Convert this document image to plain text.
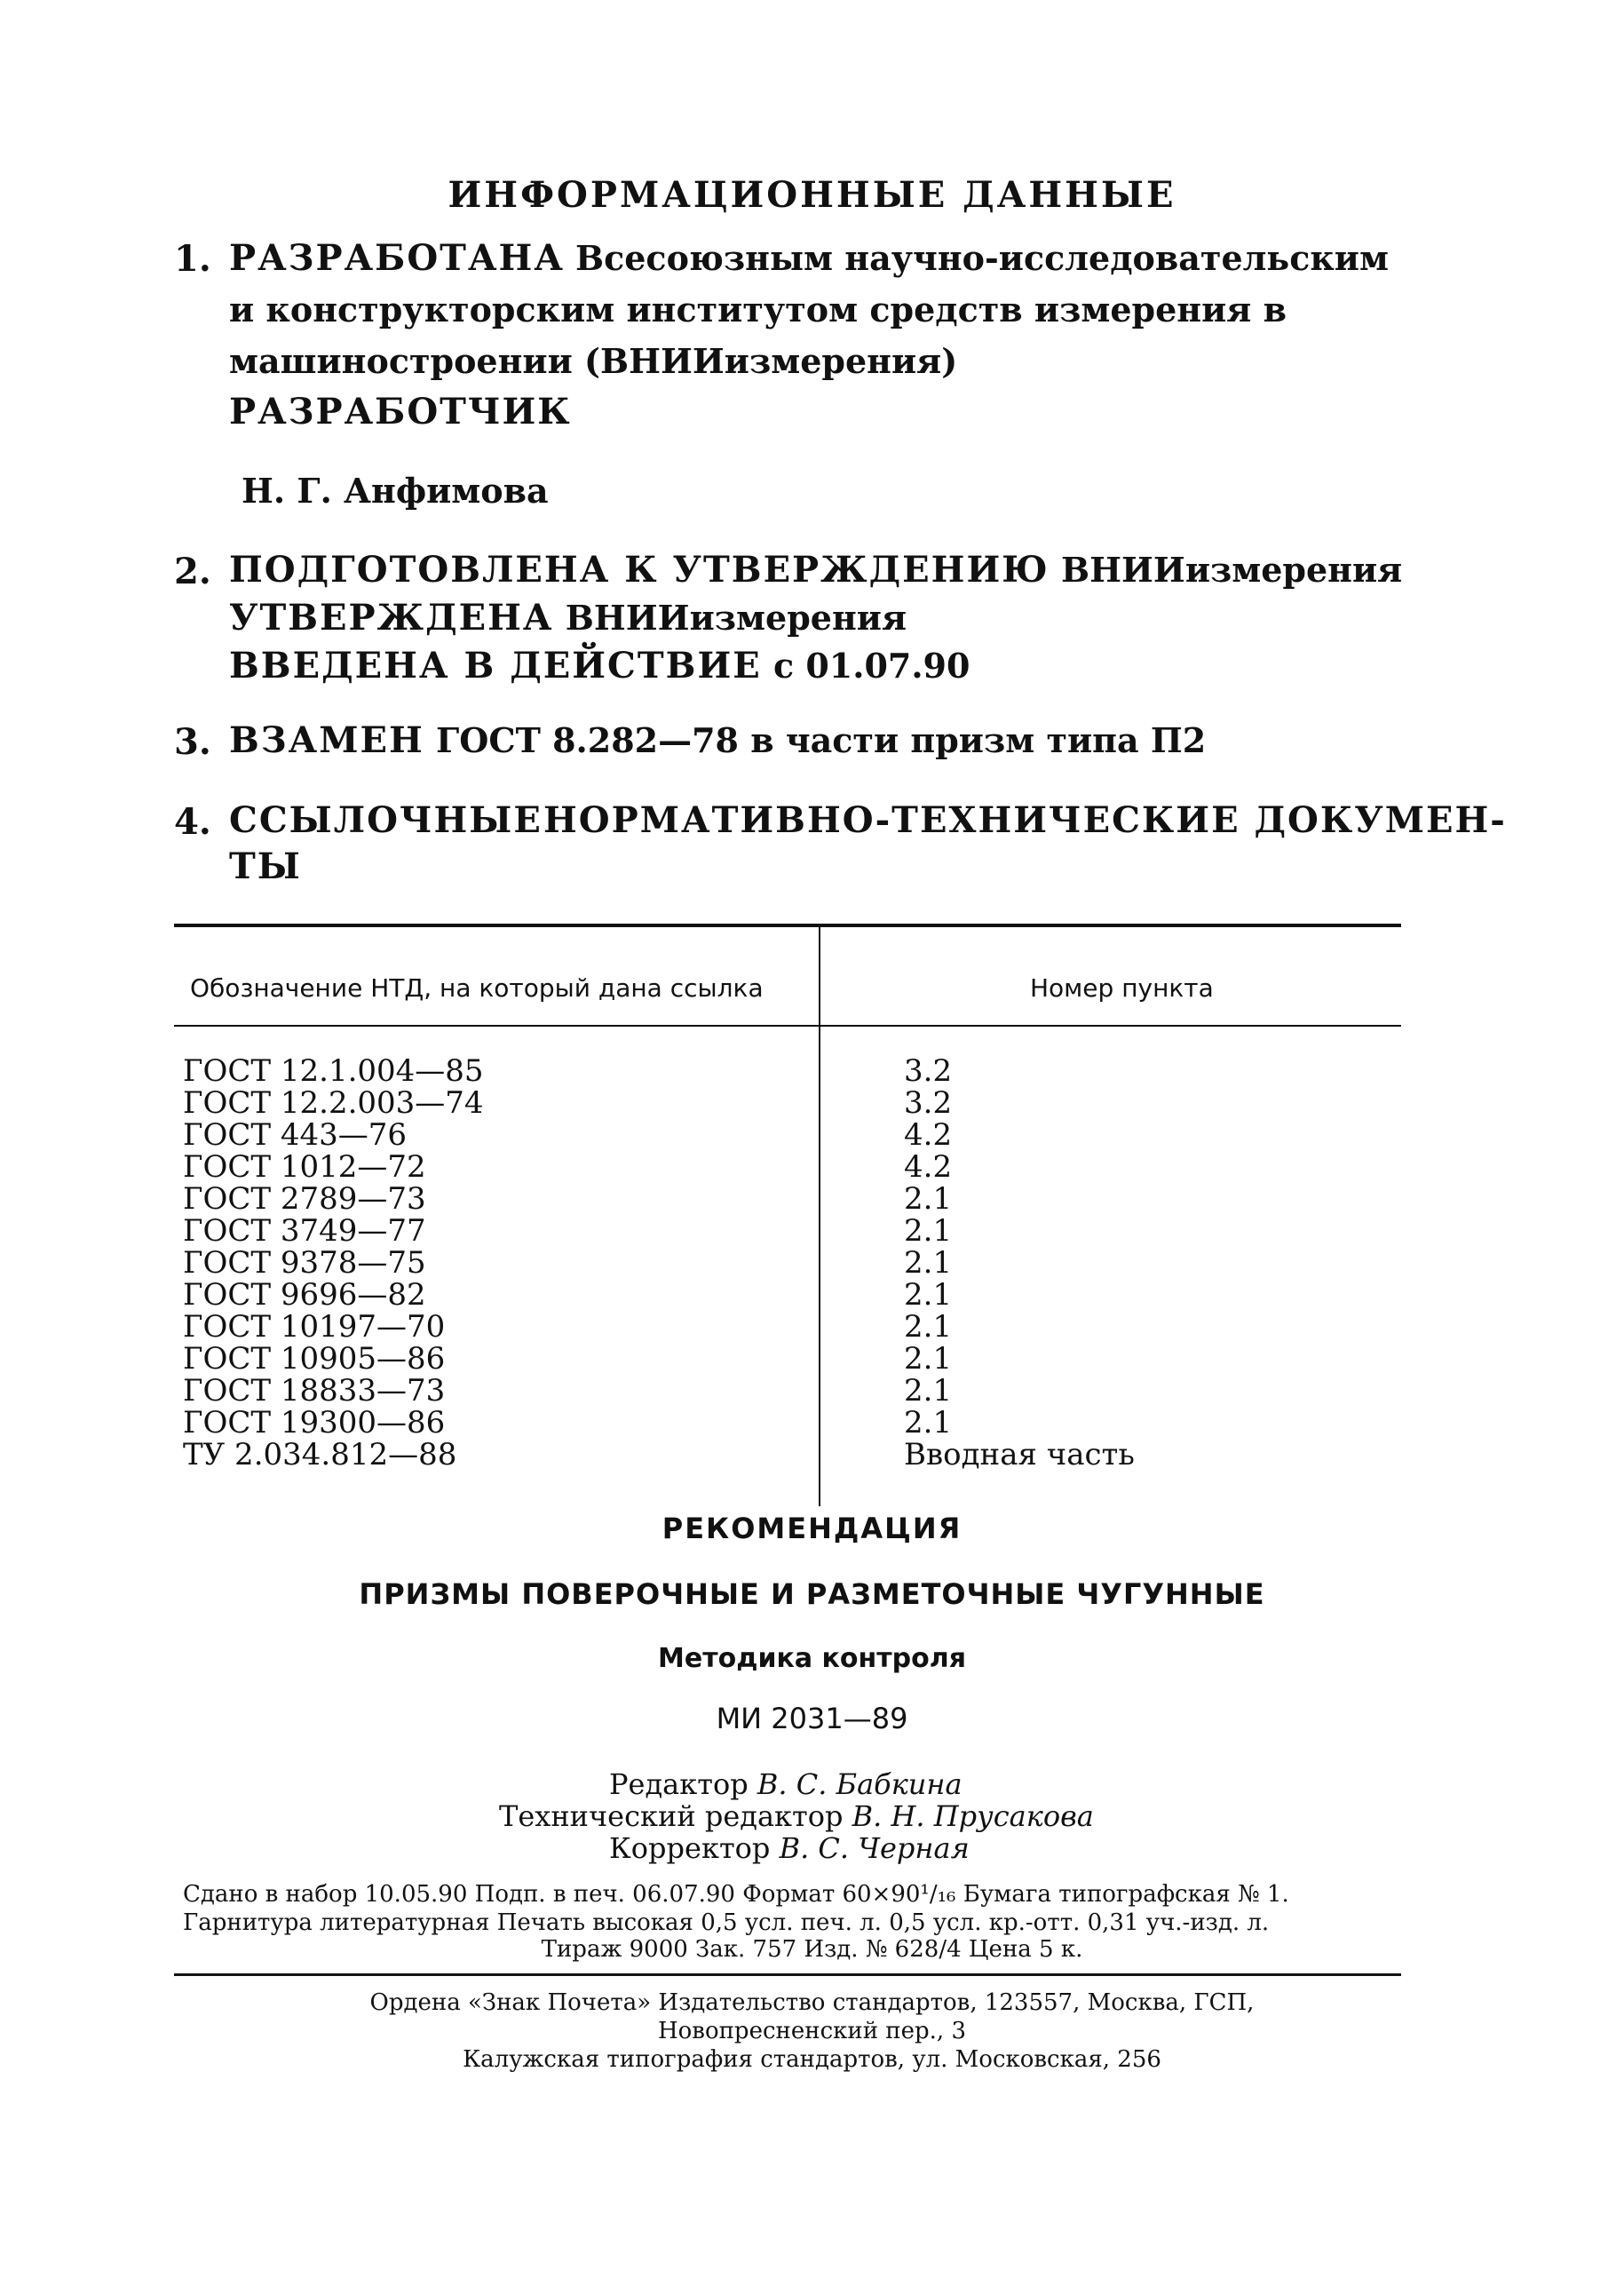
ИНФОРМАЦИОННЫЕ ДАННЫЕ
1. РАЗРАБОТАНА Всесоюзным научно-исследовательским и конструкторским институтом средств измерения в машиностроении (ВНИИизмерения)
РАЗРАБОТЧИК
Н. Г. Анфимова
2. ПОДГОТОВЛЕНА К УТВЕРЖДЕНИЮ ВНИИизмерения
УТВЕРЖДЕНА ВНИИизмерения
ВВЕДЕНА В ДЕЙСТВИЕ с 01.07.90
3. ВЗАМЕН ГОСТ 8.282—78 в части призм типа П2
4. ССЫЛОЧНЫЕ НОРМАТИВНО-ТЕХНИЧЕСКИЕ ДОКУМЕН-
ТЫ
Обозначение НТД, на который дана ссылка	Номер пункта
ГОСТ 12.1.004—85	3.2
ГОСТ 12.2.003—74	3.2
ГОСТ 443—76	4.2
ГОСТ 1012—72	4.2
ГОСТ 2789—73	2.1
ГОСТ 3749—77	2.1
ГОСТ 9378—75	2.1
ГОСТ 9696—82	2.1
ГОСТ 10197—70	2.1
ГОСТ 10905—86	2.1
ГОСТ 18833—73	2.1
ГОСТ 19300—86	2.1
ТУ 2.034.812—88	Вводная часть
РЕКОМЕНДАЦИЯ
ПРИЗМЫ ПОВЕРОЧНЫЕ И РАЗМЕТОЧНЫЕ ЧУГУННЫЕ
Методика контроля
МИ 2031—89
Редактор В. С. Бабкина
Технический редактор В. Н. Прусакова
Корректор В. С. Черная
Сдано в набор 10.05.90 Подп. в печ. 06.07.90 Формат 60×90¹/₁₆ Бумага типографская № 1.
Гарнитура литературная Печать высокая 0,5 усл. печ. л. 0,5 усл. кр.-отт. 0,31 уч.-изд. л.
Тираж 9000 Зак. 757 Изд. № 628/4 Цена 5 к.
Ордена «Знак Почета» Издательство стандартов, 123557, Москва, ГСП,
Новопресненский пер., 3
Калужская типография стандартов, ул. Московская, 256
